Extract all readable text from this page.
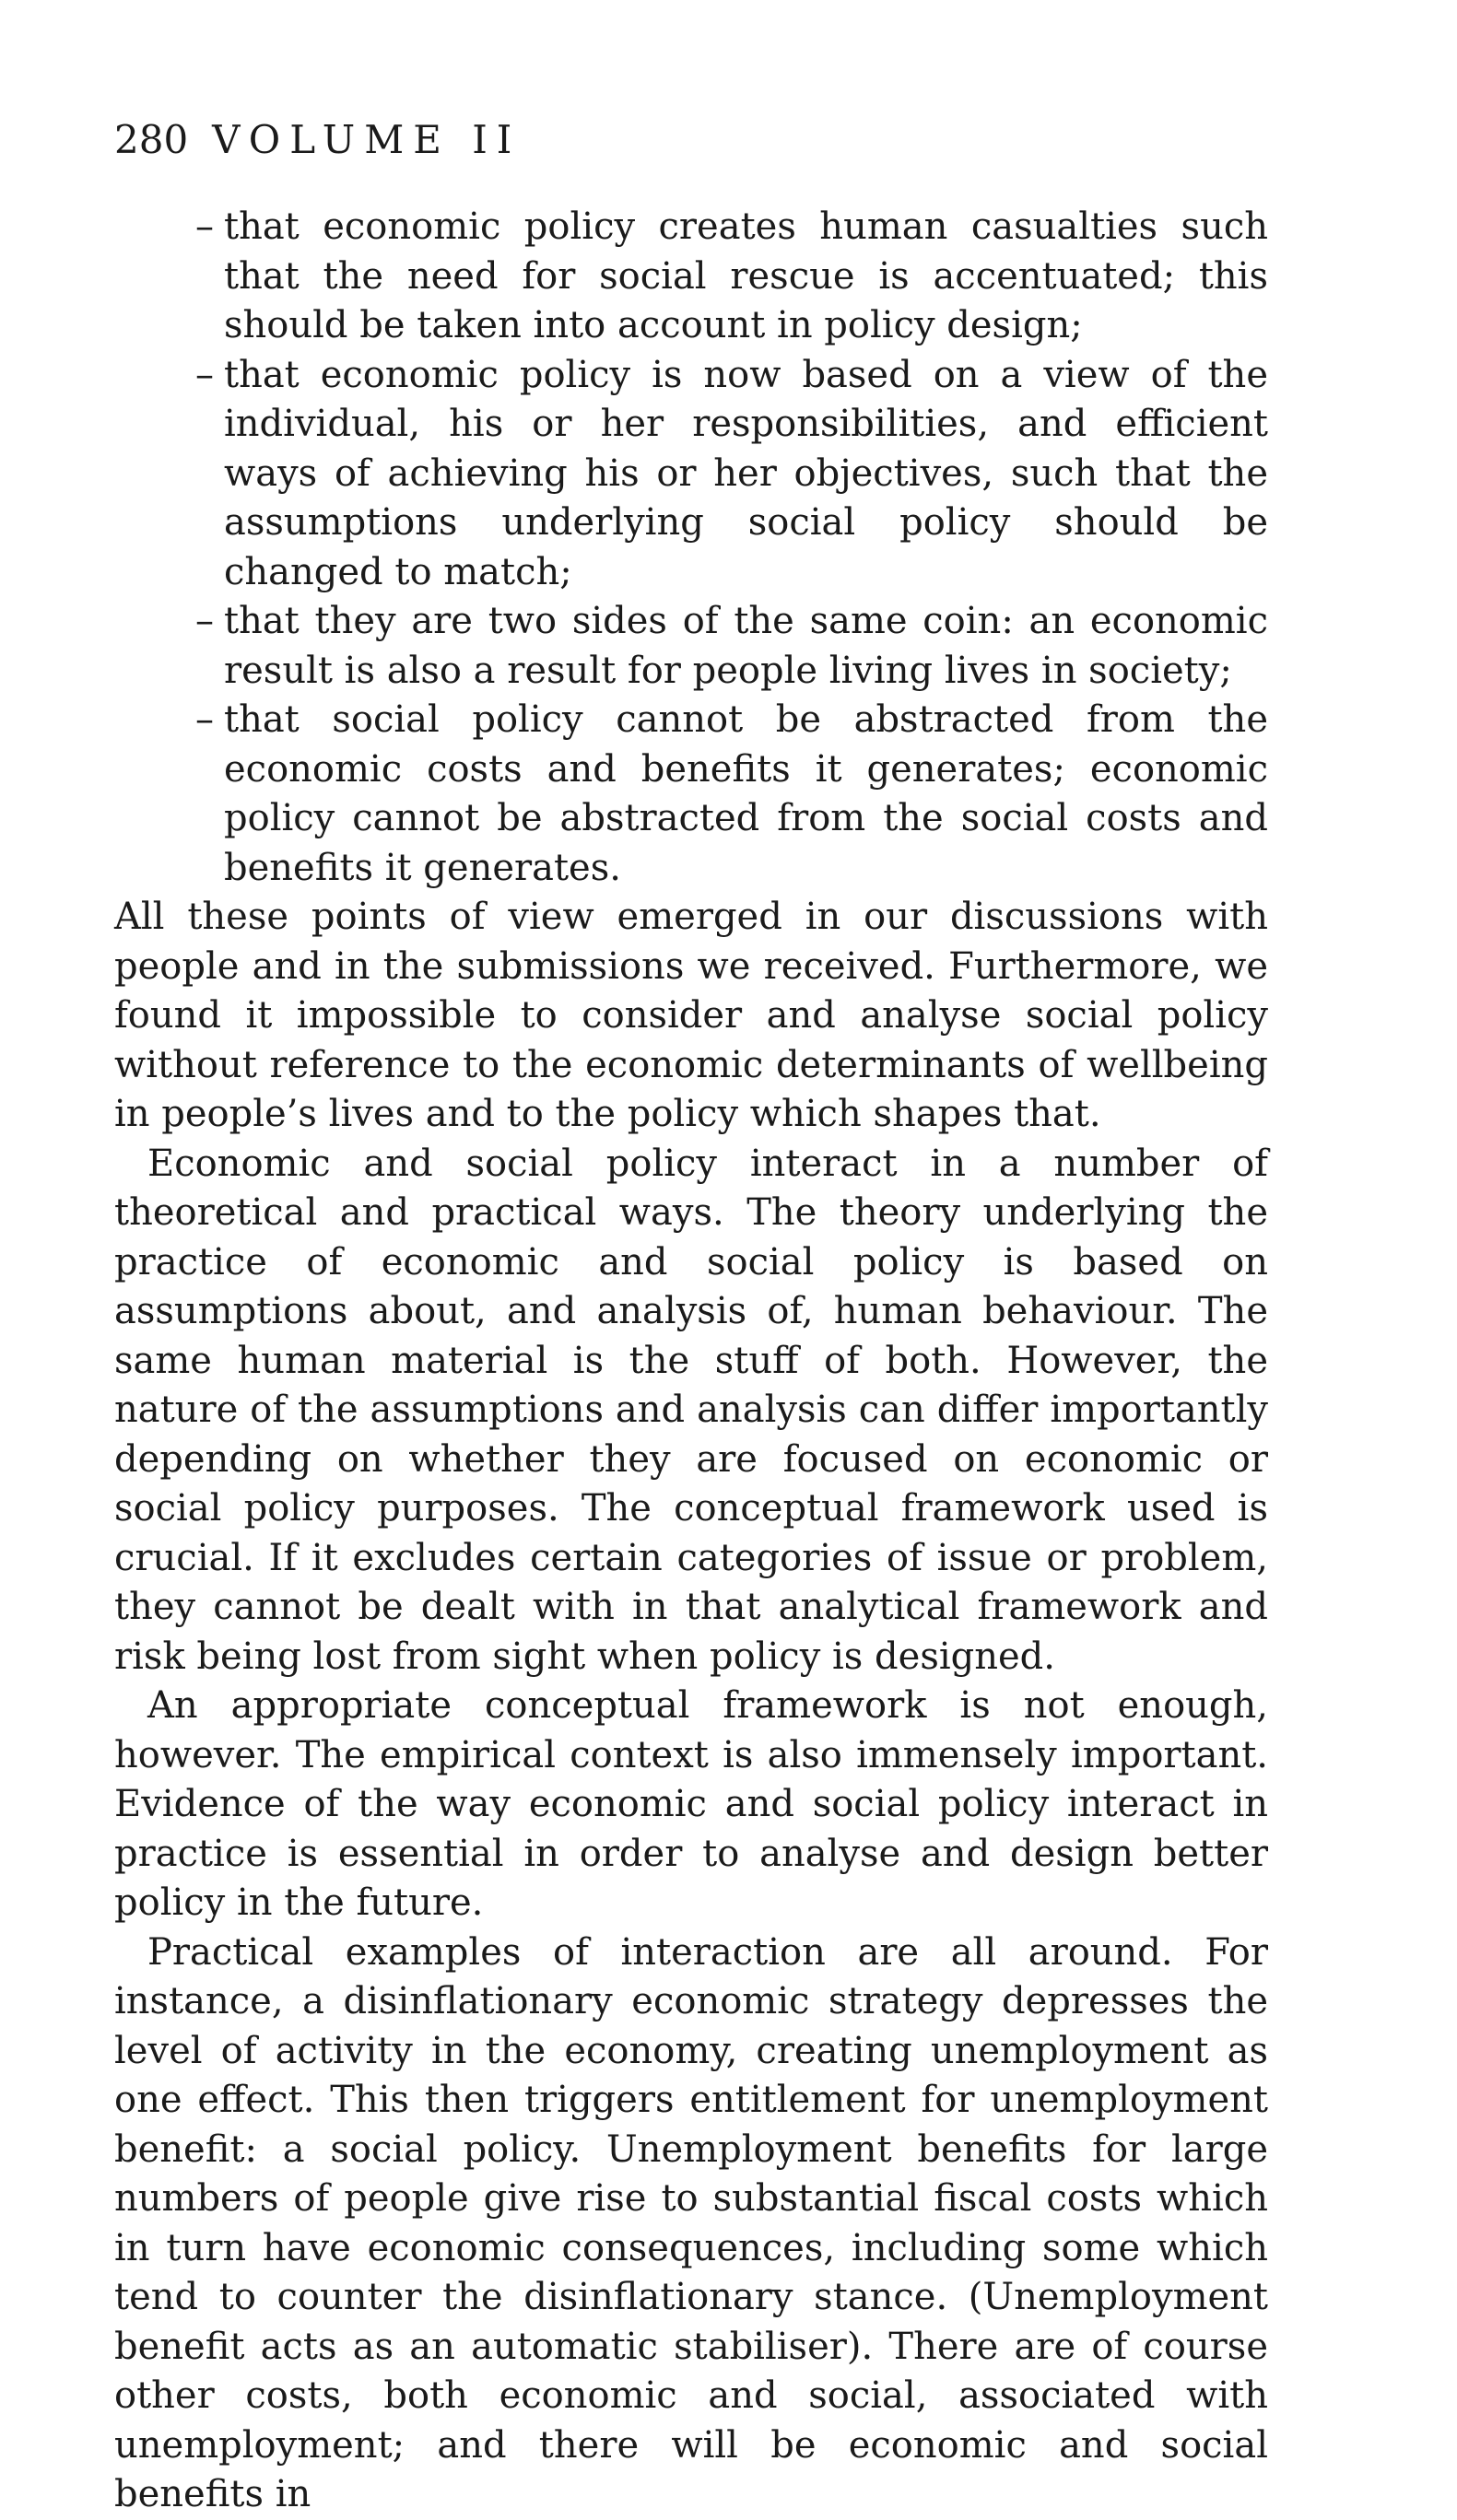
280 VOLUME II
– that economic policy creates human casualties such that the need for social rescue is accentuated; this should be taken into account in policy design;
– that economic policy is now based on a view of the individual, his or her responsibilities, and efficient ways of achieving his or her objectives, such that the assumptions underlying social policy should be changed to match;
– that they are two sides of the same coin: an economic result is also a result for people living lives in society;
– that social policy cannot be abstracted from the economic costs and benefits it generates; economic policy cannot be abstracted from the social costs and benefits it generates.

All these points of view emerged in our discussions with people and in the submissions we received. Furthermore, we found it impossible to consider and analyse social policy without reference to the economic determinants of wellbeing in people’s lives and to the policy which shapes that.

Economic and social policy interact in a number of theoretical and practical ways. The theory underlying the practice of economic and social policy is based on assumptions about, and analysis of, human behaviour. The same human material is the stuff of both. However, the nature of the assumptions and analysis can differ importantly depending on whether they are focused on economic or social policy purposes. The conceptual framework used is crucial. If it excludes certain categories of issue or problem, they cannot be dealt with in that analytical framework and risk being lost from sight when policy is designed.

An appropriate conceptual framework is not enough, however. The empirical context is also immensely important. Evidence of the way economic and social policy interact in practice is essential in order to analyse and design better policy in the future.

Practical examples of interaction are all around. For instance, a disinflationary economic strategy depresses the level of activity in the economy, creating unemployment as one effect. This then triggers entitlement for unemployment benefit: a social policy. Unemployment benefits for large numbers of people give rise to substantial fiscal costs which in turn have economic consequences, including some which tend to counter the disinflationary stance. (Unemployment benefit acts as an automatic stabiliser). There are of course other costs, both economic and social, associated with unemployment; and there will be economic and social benefits in
